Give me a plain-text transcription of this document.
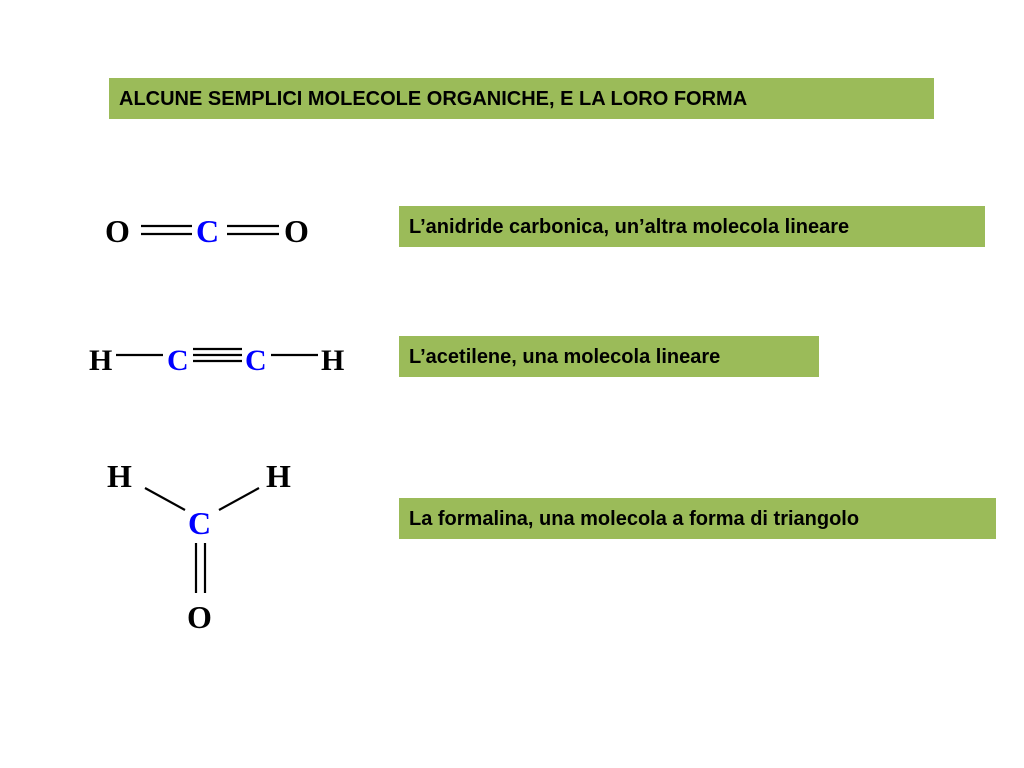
ALCUNE SEMPLICI MOLECOLE ORGANICHE, E LA LORO FORMA
L’anidride carbonica, un’altra molecola lineare
L’acetilene, una molecola lineare
La formalina, una molecola a forma di triangolo
O C O
H C C H
H	H
C
O
